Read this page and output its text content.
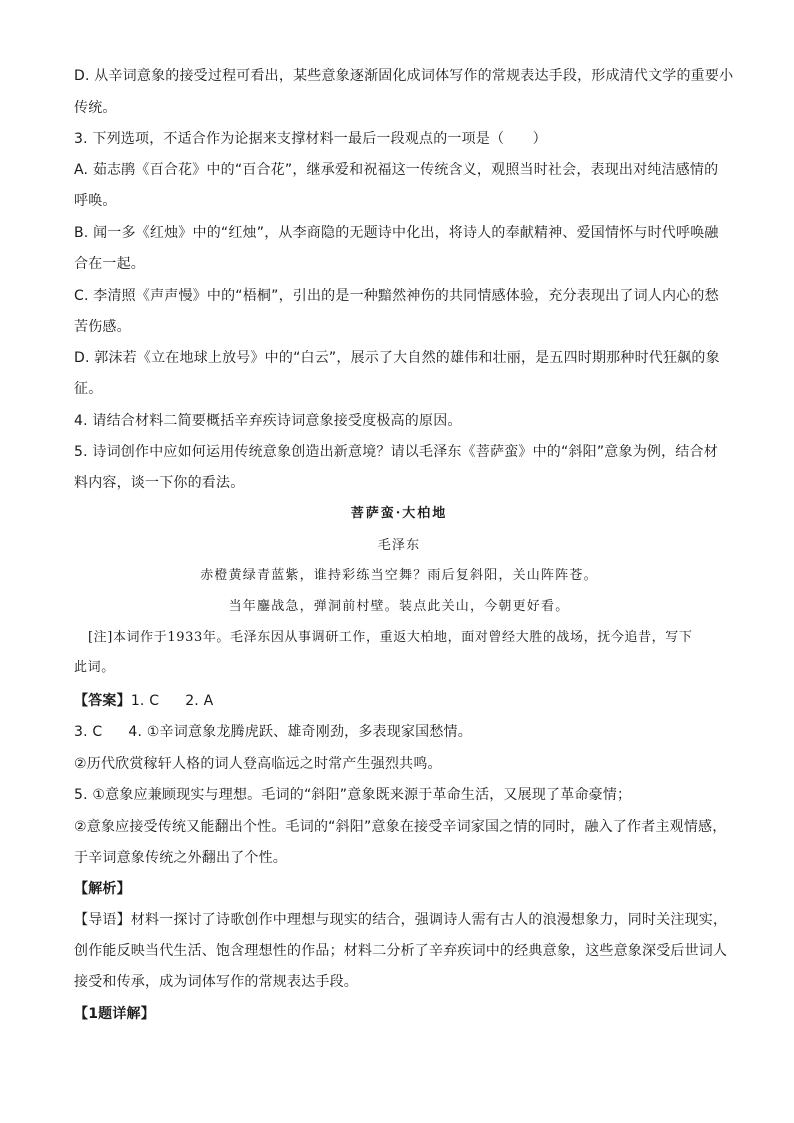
D. 从辛词意象的接受过程可看出，某些意象逐渐固化成词体写作的常规表达手段，形成清代文学的重要小
传统。
3. 下列选项，不适合作为论据来支撑材料一最后一段观点的一项是（　　）
A. 茹志鹃《百合花》中的“百合花”，继承爱和祝福这一传统含义，观照当时社会，表现出对纯洁感情的
呼唤。
B. 闻一多《红烛》中的“红烛”，从李商隐的无题诗中化出，将诗人的奉献精神、爱国情怀与时代呼唤融
合在一起。
C. 李清照《声声慢》中的“梧桐”，引出的是一种黯然神伤的共同情感体验，充分表现出了词人内心的愁
苦伤感。
D. 郭沫若《立在地球上放号》中的“白云”，展示了大自然的雄伟和壮丽，是五四时期那种时代狂飙的象
征。
4. 请结合材料二简要概括辛弃疾诗词意象接受度极高的原因。
5. 诗词创作中应如何运用传统意象创造出新意境？请以毛泽东《菩萨蛮》中的“斜阳”意象为例，结合材
料内容，谈一下你的看法。
菩萨蛮·大柏地
毛泽东
赤橙黄绿青蓝紫，谁持彩练当空舞？雨后复斜阳，关山阵阵苍。
当年鏖战急，弹洞前村壁。装点此关山，今朝更好看。
[注]本词作于1933年。毛泽东因从事调研工作，重返大柏地，面对曾经大胜的战场，抚今追昔，写下
此词。
【答案】1. C 2. A
3. C 4. ①辛词意象龙腾虎跃、雄奇刚劲，多表现家国愁情。
②历代欣赏稼轩人格的词人登高临远之时常产生强烈共鸣。
5. ①意象应兼顾现实与理想。毛词的“斜阳”意象既来源于革命生活，又展现了革命豪情；
②意象应接受传统又能翻出个性。毛词的“斜阳”意象在接受辛词家国之情的同时，融入了作者主观情感，
于辛词意象传统之外翻出了个性。
【解析】
【导语】材料一探讨了诗歌创作中理想与现实的结合，强调诗人需有古人的浪漫想象力，同时关注现实，
创作能反映当代生活、饱含理想性的作品；材料二分析了辛弃疾词中的经典意象，这些意象深受后世词人
接受和传承，成为词体写作的常规表达手段。
【1题详解】
